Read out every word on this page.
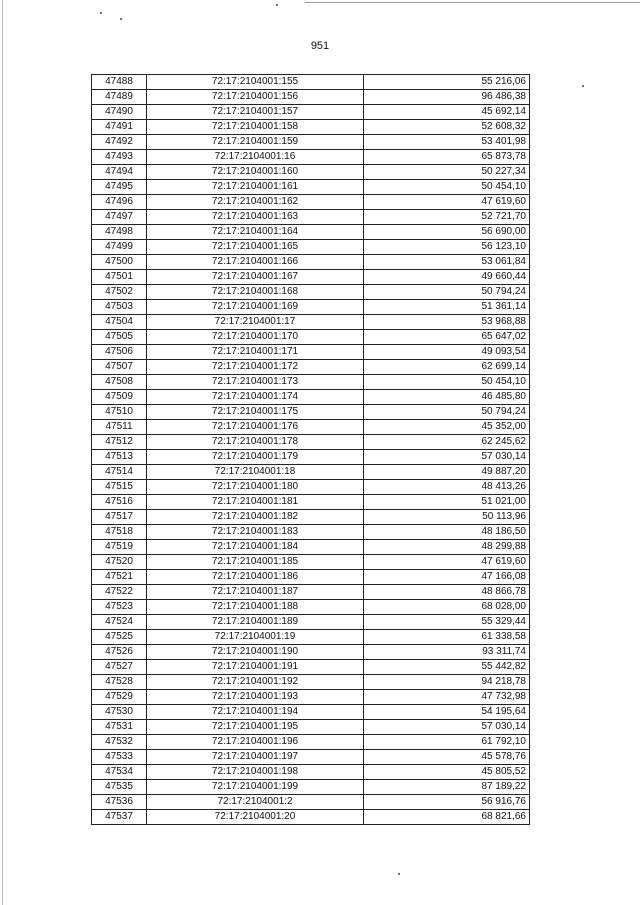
951
47488	72:17:2104001:155	55 216,06
47489	72:17:2104001:156	96 486,38
47490	72:17:2104001:157	45 692,14
47491	72:17:2104001:158	52 608,32
47492	72:17:2104001:159	53 401,98
47493	72:17:2104001:16	65 873,78
47494	72:17:2104001:160	50 227,34
47495	72:17:2104001:161	50 454,10
47496	72:17:2104001:162	47 619,60
47497	72:17:2104001:163	52 721,70
47498	72:17:2104001:164	56 690,00
47499	72:17:2104001:165	56 123,10
47500	72:17:2104001:166	53 061,84
47501	72:17:2104001:167	49 660,44
47502	72:17:2104001:168	50 794,24
47503	72:17:2104001:169	51 361,14
47504	72:17:2104001:17	53 968,88
47505	72:17:2104001:170	65 647,02
47506	72:17:2104001:171	49 093,54
47507	72:17:2104001:172	62 699,14
47508	72:17:2104001:173	50 454,10
47509	72:17:2104001:174	46 485,80
47510	72:17:2104001:175	50 794,24
47511	72:17:2104001:176	45 352,00
47512	72:17:2104001:178	62 245,62
47513	72:17:2104001:179	57 030,14
47514	72:17:2104001:18	49 887,20
47515	72:17:2104001:180	48 413,26
47516	72:17:2104001:181	51 021,00
47517	72:17:2104001:182	50 113,96
47518	72:17:2104001:183	48 186,50
47519	72:17:2104001:184	48 299,88
47520	72:17:2104001:185	47 619,60
47521	72:17:2104001:186	47 166,08
47522	72:17:2104001:187	48 866,78
47523	72:17:2104001:188	68 028,00
47524	72:17:2104001:189	55 329,44
47525	72:17:2104001:19	61 338,58
47526	72:17:2104001:190	93 311,74
47527	72:17:2104001:191	55 442,82
47528	72:17:2104001:192	94 218,78
47529	72:17:2104001:193	47 732,98
47530	72:17:2104001:194	54 195,64
47531	72:17:2104001:195	57 030,14
47532	72:17:2104001:196	61 792,10
47533	72:17:2104001:197	45 578,76
47534	72:17:2104001:198	45 805,52
47535	72:17:2104001:199	87 189,22
47536	72:17:2104001:2	56 916,76
47537	72:17:2104001:20	68 821,66
